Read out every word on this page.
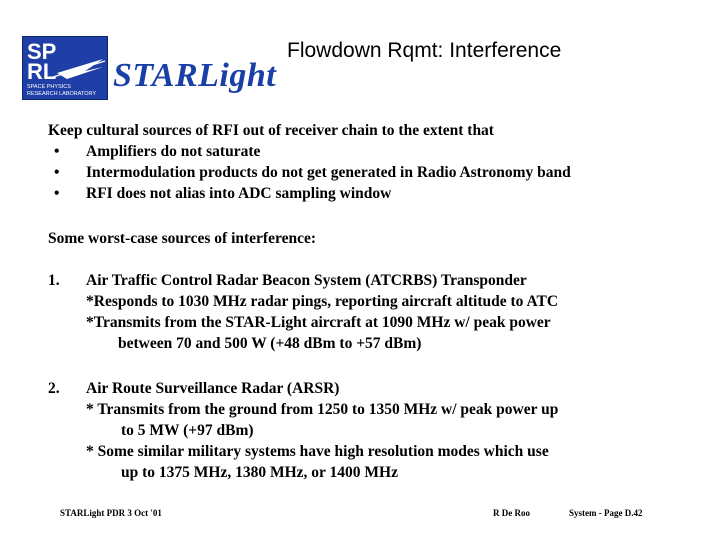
SP
RL
SPACE PHYSICS
RESEARCH LABORATORY STARLight
Flowdown Rqmt: Interference

Keep cultural sources of RFI out of receiver chain to the extent that

• Amplifiers do not saturate
• Intermodulation products do not get generated in Radio Astronomy band
• RFI does not alias into ADC sampling window

Some worst-case sources of interference:

1.	Air Traffic Control Radar Beacon System (ATCRBS) Transponder
*Responds to 1030 MHz radar pings, reporting aircraft altitude to ATC
*Transmits from the STAR-Light aircraft at 1090 MHz w/ peak power
between 70 and 500 W (+48 dBm to +57 dBm)
2.	Air Route Surveillance Radar (ARSR)
* Transmits from the ground from 1250 to 1350 MHz w/ peak power up
to 5 MW (+97 dBm)
* Some similar military systems have high resolution modes which use
up to 1375 MHz, 1380 MHz, or 1400 MHz
STARLight PDR 3 Oct '01	R De Roo	System - Page D.42
